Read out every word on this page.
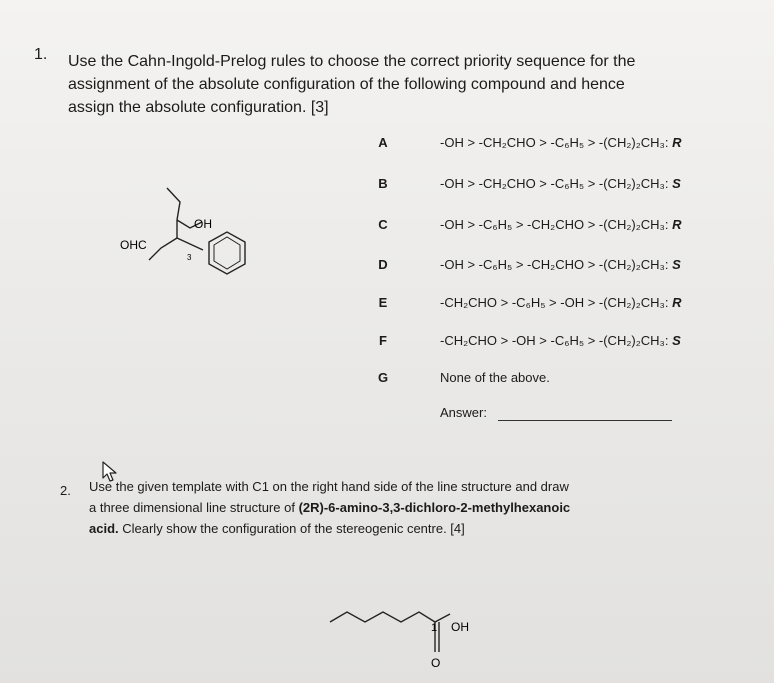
1. Use the Cahn-Ingold-Prelog rules to choose the correct priority sequence for the
assignment of the absolute configuration of the following compound and hence
assign the absolute configuration. [3]
OH
OHC
3
A	-OH > -CH₂CHO > -C₆H₅ > -(CH₂)₂CH₃: R
B	-OH > -CH₂CHO > -C₆H₅ > -(CH₂)₂CH₃: S
C	-OH > -C₆H₅ > -CH₂CHO > -(CH₂)₂CH₃: R
D	-OH > -C₆H₅ > -CH₂CHO > -(CH₂)₂CH₃: S
E	-CH₂CHO > -C₆H₅ > -OH > -(CH₂)₂CH₃: R
F	-CH₂CHO > -OH > -C₆H₅ > -(CH₂)₂CH₃: S
G	None of the above.
Answer:
2. Use the given template with C1 on the right hand side of the line structure and draw
a three dimensional line structure of (2R)-6-amino-3,3-dichloro-2-methylhexanoic
acid. Clearly show the configuration of the stereogenic centre. [4]
1 OH
O
